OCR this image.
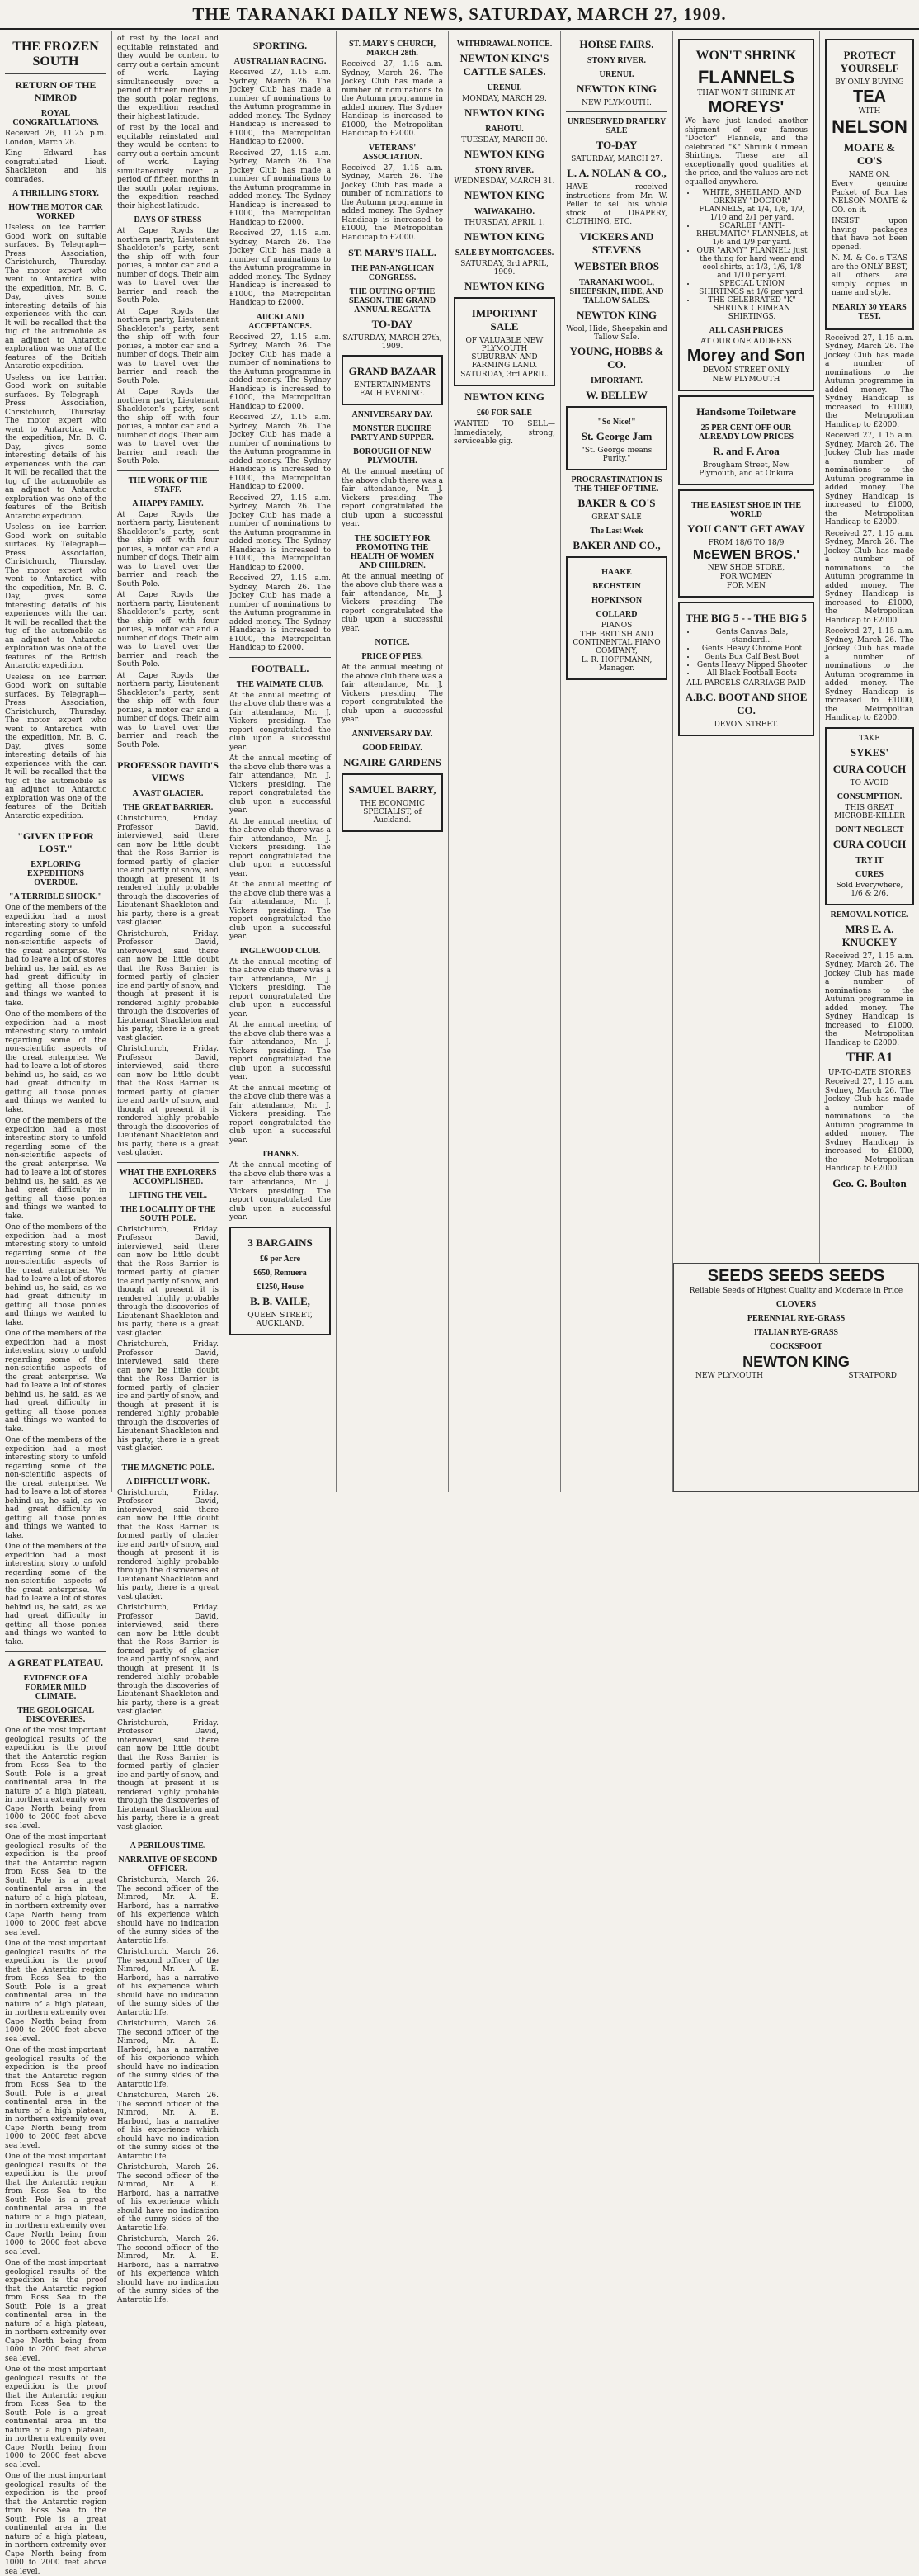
THE TARANAKI DAILY NEWS, SATURDAY, MARCH 27, 1909.
THE FROZEN SOUTH
RETURN OF THE NIMROD
ROYAL CONGRATULATIONS.

Received 26, 11.25 p.m. London, March 26.

King Edward has congratulated Lieut. Shackleton and his comrades.

A THRILLING STORY.
HOW THE MOTOR CAR WORKED

Useless on ice barrier. Good work on suitable surfaces. By Telegraph—Press Association, Christchurch, Thursday. The motor expert who went to Antarctica with the expedition, Mr. B. C. Day, gives some interesting details of his experiences with the car. It will be recalled that the tug of the automobile as an adjunct to Antarctic exploration was one of the features of the British Antarctic expedition.

Useless on ice barrier. Good work on suitable surfaces. By Telegraph—Press Association, Christchurch, Thursday. The motor expert who went to Antarctica with the expedition, Mr. B. C. Day, gives some interesting details of his experiences with the car. It will be recalled that the tug of the automobile as an adjunct to Antarctic exploration was one of the features of the British Antarctic expedition.

Useless on ice barrier. Good work on suitable surfaces. By Telegraph—Press Association, Christchurch, Thursday. The motor expert who went to Antarctica with the expedition, Mr. B. C. Day, gives some interesting details of his experiences with the car. It will be recalled that the tug of the automobile as an adjunct to Antarctic exploration was one of the features of the British Antarctic expedition.

Useless on ice barrier. Good work on suitable surfaces. By Telegraph—Press Association, Christchurch, Thursday. The motor expert who went to Antarctica with the expedition, Mr. B. C. Day, gives some interesting details of his experiences with the car. It will be recalled that the tug of the automobile as an adjunct to Antarctic exploration was one of the features of the British Antarctic expedition.

"GIVEN UP FOR LOST."
EXPLORING EXPEDITIONS OVERDUE.
"A TERRIBLE SHOCK."

One of the members of the expedition had a most interesting story to unfold regarding some of the non-scientific aspects of the great enterprise. We had to leave a lot of stores behind us, he said, as we had great difficulty in getting all those ponies and things we wanted to take.

One of the members of the expedition had a most interesting story to unfold regarding some of the non-scientific aspects of the great enterprise. We had to leave a lot of stores behind us, he said, as we had great difficulty in getting all those ponies and things we wanted to take.

One of the members of the expedition had a most interesting story to unfold regarding some of the non-scientific aspects of the great enterprise. We had to leave a lot of stores behind us, he said, as we had great difficulty in getting all those ponies and things we wanted to take.

One of the members of the expedition had a most interesting story to unfold regarding some of the non-scientific aspects of the great enterprise. We had to leave a lot of stores behind us, he said, as we had great difficulty in getting all those ponies and things we wanted to take.

One of the members of the expedition had a most interesting story to unfold regarding some of the non-scientific aspects of the great enterprise. We had to leave a lot of stores behind us, he said, as we had great difficulty in getting all those ponies and things we wanted to take.

One of the members of the expedition had a most interesting story to unfold regarding some of the non-scientific aspects of the great enterprise. We had to leave a lot of stores behind us, he said, as we had great difficulty in getting all those ponies and things we wanted to take.

One of the members of the expedition had a most interesting story to unfold regarding some of the non-scientific aspects of the great enterprise. We had to leave a lot of stores behind us, he said, as we had great difficulty in getting all those ponies and things we wanted to take.

A GREAT PLATEAU.
EVIDENCE OF A FORMER MILD CLIMATE.
THE GEOLOGICAL DISCOVERIES.

One of the most important geological results of the expedition is the proof that the Antarctic region from Ross Sea to the South Pole is a great continental area in the nature of a high plateau, in northern extremity over Cape North being from 1000 to 2000 feet above sea level.

One of the most important geological results of the expedition is the proof that the Antarctic region from Ross Sea to the South Pole is a great continental area in the nature of a high plateau, in northern extremity over Cape North being from 1000 to 2000 feet above sea level.

One of the most important geological results of the expedition is the proof that the Antarctic region from Ross Sea to the South Pole is a great continental area in the nature of a high plateau, in northern extremity over Cape North being from 1000 to 2000 feet above sea level.

One of the most important geological results of the expedition is the proof that the Antarctic region from Ross Sea to the South Pole is a great continental area in the nature of a high plateau, in northern extremity over Cape North being from 1000 to 2000 feet above sea level.

One of the most important geological results of the expedition is the proof that the Antarctic region from Ross Sea to the South Pole is a great continental area in the nature of a high plateau, in northern extremity over Cape North being from 1000 to 2000 feet above sea level.

One of the most important geological results of the expedition is the proof that the Antarctic region from Ross Sea to the South Pole is a great continental area in the nature of a high plateau, in northern extremity over Cape North being from 1000 to 2000 feet above sea level.

One of the most important geological results of the expedition is the proof that the Antarctic region from Ross Sea to the South Pole is a great continental area in the nature of a high plateau, in northern extremity over Cape North being from 1000 to 2000 feet above sea level.

One of the most important geological results of the expedition is the proof that the Antarctic region from Ross Sea to the South Pole is a great continental area in the nature of a high plateau, in northern extremity over Cape North being from 1000 to 2000 feet above sea level.

of rest by the local and equitable reinstated and they would be content to carry out a certain amount of work. Laying simultaneously over a period of fifteen months in the south polar regions, the expedition reached their highest latitude.

of rest by the local and equitable reinstated and they would be content to carry out a certain amount of work. Laying simultaneously over a period of fifteen months in the south polar regions, the expedition reached their highest latitude.

DAYS OF STRESS

At Cape Royds the northern party, Lieutenant Shackleton's party, sent the ship off with four ponies, a motor car and a number of dogs. Their aim was to travel over the barrier and reach the South Pole.

At Cape Royds the northern party, Lieutenant Shackleton's party, sent the ship off with four ponies, a motor car and a number of dogs. Their aim was to travel over the barrier and reach the South Pole.

At Cape Royds the northern party, Lieutenant Shackleton's party, sent the ship off with four ponies, a motor car and a number of dogs. Their aim was to travel over the barrier and reach the South Pole.

THE WORK OF THE STAFF.
A HAPPY FAMILY.

At Cape Royds the northern party, Lieutenant Shackleton's party, sent the ship off with four ponies, a motor car and a number of dogs. Their aim was to travel over the barrier and reach the South Pole.

At Cape Royds the northern party, Lieutenant Shackleton's party, sent the ship off with four ponies, a motor car and a number of dogs. Their aim was to travel over the barrier and reach the South Pole.

At Cape Royds the northern party, Lieutenant Shackleton's party, sent the ship off with four ponies, a motor car and a number of dogs. Their aim was to travel over the barrier and reach the South Pole.

PROFESSOR DAVID'S VIEWS
A VAST GLACIER.
THE GREAT BARRIER.

Christchurch, Friday. Professor David, interviewed, said there can now be little doubt that the Ross Barrier is formed partly of glacier ice and partly of snow, and though at present it is rendered highly probable through the discoveries of Lieutenant Shackleton and his party, there is a great vast glacier.

Christchurch, Friday. Professor David, interviewed, said there can now be little doubt that the Ross Barrier is formed partly of glacier ice and partly of snow, and though at present it is rendered highly probable through the discoveries of Lieutenant Shackleton and his party, there is a great vast glacier.

Christchurch, Friday. Professor David, interviewed, said there can now be little doubt that the Ross Barrier is formed partly of glacier ice and partly of snow, and though at present it is rendered highly probable through the discoveries of Lieutenant Shackleton and his party, there is a great vast glacier.

WHAT THE EXPLORERS ACCOMPLISHED.
LIFTING THE VEIL.
THE LOCALITY OF THE SOUTH POLE.

Christchurch, Friday. Professor David, interviewed, said there can now be little doubt that the Ross Barrier is formed partly of glacier ice and partly of snow, and though at present it is rendered highly probable through the discoveries of Lieutenant Shackleton and his party, there is a great vast glacier.

Christchurch, Friday. Professor David, interviewed, said there can now be little doubt that the Ross Barrier is formed partly of glacier ice and partly of snow, and though at present it is rendered highly probable through the discoveries of Lieutenant Shackleton and his party, there is a great vast glacier.

THE MAGNETIC POLE.
A DIFFICULT WORK.

Christchurch, Friday. Professor David, interviewed, said there can now be little doubt that the Ross Barrier is formed partly of glacier ice and partly of snow, and though at present it is rendered highly probable through the discoveries of Lieutenant Shackleton and his party, there is a great vast glacier.

Christchurch, Friday. Professor David, interviewed, said there can now be little doubt that the Ross Barrier is formed partly of glacier ice and partly of snow, and though at present it is rendered highly probable through the discoveries of Lieutenant Shackleton and his party, there is a great vast glacier.

Christchurch, Friday. Professor David, interviewed, said there can now be little doubt that the Ross Barrier is formed partly of glacier ice and partly of snow, and though at present it is rendered highly probable through the discoveries of Lieutenant Shackleton and his party, there is a great vast glacier.

A PERILOUS TIME.
NARRATIVE OF SECOND OFFICER.

Christchurch, March 26. The second officer of the Nimrod, Mr. A. E. Harbord, has a narrative of his experience which should have no indication of the sunny sides of the Antarctic life.

Christchurch, March 26. The second officer of the Nimrod, Mr. A. E. Harbord, has a narrative of his experience which should have no indication of the sunny sides of the Antarctic life.

Christchurch, March 26. The second officer of the Nimrod, Mr. A. E. Harbord, has a narrative of his experience which should have no indication of the sunny sides of the Antarctic life.

Christchurch, March 26. The second officer of the Nimrod, Mr. A. E. Harbord, has a narrative of his experience which should have no indication of the sunny sides of the Antarctic life.

Christchurch, March 26. The second officer of the Nimrod, Mr. A. E. Harbord, has a narrative of his experience which should have no indication of the sunny sides of the Antarctic life.

Christchurch, March 26. The second officer of the Nimrod, Mr. A. E. Harbord, has a narrative of his experience which should have no indication of the sunny sides of the Antarctic life.

SPORTING.
AUSTRALIAN RACING.

Received 27, 1.15 a.m. Sydney, March 26. The Jockey Club has made a number of nominations to the Autumn programme in added money. The Sydney Handicap is increased to £1000, the Metropolitan Handicap to £2000.

Received 27, 1.15 a.m. Sydney, March 26. The Jockey Club has made a number of nominations to the Autumn programme in added money. The Sydney Handicap is increased to £1000, the Metropolitan Handicap to £2000.

Received 27, 1.15 a.m. Sydney, March 26. The Jockey Club has made a number of nominations to the Autumn programme in added money. The Sydney Handicap is increased to £1000, the Metropolitan Handicap to £2000.

AUCKLAND ACCEPTANCES.

Received 27, 1.15 a.m. Sydney, March 26. The Jockey Club has made a number of nominations to the Autumn programme in added money. The Sydney Handicap is increased to £1000, the Metropolitan Handicap to £2000.

Received 27, 1.15 a.m. Sydney, March 26. The Jockey Club has made a number of nominations to the Autumn programme in added money. The Sydney Handicap is increased to £1000, the Metropolitan Handicap to £2000.

Received 27, 1.15 a.m. Sydney, March 26. The Jockey Club has made a number of nominations to the Autumn programme in added money. The Sydney Handicap is increased to £1000, the Metropolitan Handicap to £2000.

Received 27, 1.15 a.m. Sydney, March 26. The Jockey Club has made a number of nominations to the Autumn programme in added money. The Sydney Handicap is increased to £1000, the Metropolitan Handicap to £2000.

FOOTBALL.
THE WAIMATE CLUB.

At the annual meeting of the above club there was a fair attendance, Mr. J. Vickers presiding. The report congratulated the club upon a successful year.

At the annual meeting of the above club there was a fair attendance, Mr. J. Vickers presiding. The report congratulated the club upon a successful year.

At the annual meeting of the above club there was a fair attendance, Mr. J. Vickers presiding. The report congratulated the club upon a successful year.

At the annual meeting of the above club there was a fair attendance, Mr. J. Vickers presiding. The report congratulated the club upon a successful year.

INGLEWOOD CLUB.

At the annual meeting of the above club there was a fair attendance, Mr. J. Vickers presiding. The report congratulated the club upon a successful year.

At the annual meeting of the above club there was a fair attendance, Mr. J. Vickers presiding. The report congratulated the club upon a successful year.

At the annual meeting of the above club there was a fair attendance, Mr. J. Vickers presiding. The report congratulated the club upon a successful year.

THANKS.

At the annual meeting of the above club there was a fair attendance, Mr. J. Vickers presiding. The report congratulated the club upon a successful year.

3 BARGAINS
£6 per Acre
£650, Remuera
£1250, House
B. B. VAILE,
QUEEN STREET, AUCKLAND.
ST. MARY'S CHURCH, MARCH 28th.

Received 27, 1.15 a.m. Sydney, March 26. The Jockey Club has made a number of nominations to the Autumn programme in added money. The Sydney Handicap is increased to £1000, the Metropolitan Handicap to £2000.

VETERANS' ASSOCIATION.

Received 27, 1.15 a.m. Sydney, March 26. The Jockey Club has made a number of nominations to the Autumn programme in added money. The Sydney Handicap is increased to £1000, the Metropolitan Handicap to £2000.

ST. MARY'S HALL.
THE PAN-ANGLICAN CONGRESS.
THE OUTING OF THE SEASON. THE GRAND ANNUAL REGATTA
TO-DAY
SATURDAY, MARCH 27th, 1909.
GRAND BAZAAR
ENTERTAINMENTS EACH EVENING.
ANNIVERSARY DAY.
MONSTER EUCHRE PARTY AND SUPPER.
BOROUGH OF NEW PLYMOUTH.

At the annual meeting of the above club there was a fair attendance, Mr. J. Vickers presiding. The report congratulated the club upon a successful year.

THE SOCIETY FOR PROMOTING THE HEALTH OF WOMEN AND CHILDREN.

At the annual meeting of the above club there was a fair attendance, Mr. J. Vickers presiding. The report congratulated the club upon a successful year.

NOTICE.
PRICE OF PIES.

At the annual meeting of the above club there was a fair attendance, Mr. J. Vickers presiding. The report congratulated the club upon a successful year.

ANNIVERSARY DAY.
GOOD FRIDAY.
NGAIRE GARDENS
SAMUEL BARRY,
THE ECONOMIC SPECIALIST, of Auckland.
WITHDRAWAL NOTICE.
NEWTON KING'S CATTLE SALES.
URENUI.
MONDAY, MARCH 29.
NEWTON KING
RAHOTU.
TUESDAY, MARCH 30.
NEWTON KING
STONY RIVER.
WEDNESDAY, MARCH 31.
NEWTON KING
WAIWAKAIHO.
THURSDAY, APRIL 1.
NEWTON KING
SALE BY MORTGAGEES.
SATURDAY, 3rd APRIL, 1909.
NEWTON KING
IMPORTANT SALE
OF VALUABLE NEW PLYMOUTH SUBURBAN AND FARMING LAND.
SATURDAY, 3rd APRIL.
NEWTON KING
£60 FOR SALE

WANTED TO SELL—Immediately, strong, serviceable gig.

HORSE FAIRS.
STONY RIVER.
URENUI.
NEWTON KING
NEW PLYMOUTH.
UNRESERVED DRAPERY SALE
TO-DAY
SATURDAY, MARCH 27.
L. A. NOLAN & CO.,

HAVE received instructions from Mr. W. Peller to sell his whole stock of DRAPERY, CLOTHING, ETC.

VICKERS AND STEVENS
WEBSTER BROS
TARANAKI WOOL, SHEEPSKIN, HIDE, AND TALLOW SALES.
NEWTON KING
Wool, Hide, Sheepskin and Tallow Sale.
YOUNG, HOBBS & CO.
IMPORTANT.
W. BELLEW
"So Nice!"
St. George Jam
"St. George means Purity."
PROCRASTINATION IS THE THIEF OF TIME.
BAKER & CO'S
GREAT SALE
The Last Week
BAKER AND CO.,
HAAKE
BECHSTEIN
HOPKINSON
COLLARD
PIANOS
THE BRITISH AND CONTINENTAL PIANO COMPANY,
L. R. HOFFMANN, Manager.
WON'T SHRINK
FLANNELS
THAT WON'T SHRINK AT
MOREYS'

We have just landed another shipment of our famous "Doctor" Flannels, and the celebrated "K" Shrunk Crimean Shirtings. These are all exceptionally good qualities at the price, and the values are not equalled anywhere.

• WHITE, SHETLAND, AND ORKNEY "DOCTOR" FLANNELS, at 1/4, 1/6, 1/9, 1/10 and 2/1 per yard.
• SCARLET "ANTI-RHEUMATIC" FLANNELS, at 1/6 and 1/9 per yard.
• OUR "ARMY" FLANNEL; just the thing for hard wear and cool shirts, at 1/3, 1/6, 1/8 and 1/10 per yard.
• SPECIAL UNION SHIRTINGS at 1/6 per yard.
• THE CELEBRATED "K" SHRUNK CRIMEAN SHIRTINGS.
ALL CASH PRICES
AT OUR ONE ADDRESS
Morey and Son
DEVON STREET ONLY
NEW PLYMOUTH
Handsome Toiletware
25 PER CENT OFF OUR ALREADY LOW PRICES
R. and F. Aroa
Brougham Street, New Plymouth, and at Onkura
THE EASIEST SHOE IN THE WORLD
YOU CAN'T GET AWAY
FROM 18/6 TO 18/9
McEWEN BROS.'
NEW SHOE STORE,
FOR WOMEN
FOR MEN
THE BIG 5 - - THE BIG 5
• Gents Canvas Bals, standard...
• Gents Heavy Chrome Boot
• Gents Box Calf Best Boot
• Gents Heavy Nipped Shooter
• All Black Football Boots
ALL PARCELS CARRIAGE PAID
A.B.C. BOOT AND SHOE CO.
DEVON STREET.
PROTECT YOURSELF
BY ONLY BUYING
TEA
WITH
NELSON
MOATE & CO'S
NAME ON.

Every genuine Packet of Box has NELSON MOATE & CO. on it.

INSIST upon having packages that have not been opened.

N. M. & Co.'s TEAS are the ONLY BEST, all others are simply copies in name and style.

NEARLY 30 YEARS TEST.

Received 27, 1.15 a.m. Sydney, March 26. The Jockey Club has made a number of nominations to the Autumn programme in added money. The Sydney Handicap is increased to £1000, the Metropolitan Handicap to £2000.

Received 27, 1.15 a.m. Sydney, March 26. The Jockey Club has made a number of nominations to the Autumn programme in added money. The Sydney Handicap is increased to £1000, the Metropolitan Handicap to £2000.

Received 27, 1.15 a.m. Sydney, March 26. The Jockey Club has made a number of nominations to the Autumn programme in added money. The Sydney Handicap is increased to £1000, the Metropolitan Handicap to £2000.

Received 27, 1.15 a.m. Sydney, March 26. The Jockey Club has made a number of nominations to the Autumn programme in added money. The Sydney Handicap is increased to £1000, the Metropolitan Handicap to £2000.

TAKE
SYKES'
CURA COUCH
TO AVOID
CONSUMPTION.
THIS GREAT MICROBE-KILLER
DON'T NEGLECT
CURA COUCH
TRY IT
CURES
Sold Everywhere, 1/6 & 2/6.
REMOVAL NOTICE.
MRS E. A. KNUCKEY

Received 27, 1.15 a.m. Sydney, March 26. The Jockey Club has made a number of nominations to the Autumn programme in added money. The Sydney Handicap is increased to £1000, the Metropolitan Handicap to £2000.

THE A1
UP-TO-DATE STORES

Received 27, 1.15 a.m. Sydney, March 26. The Jockey Club has made a number of nominations to the Autumn programme in added money. The Sydney Handicap is increased to £1000, the Metropolitan Handicap to £2000.

Geo. G. Boulton
SEEDS SEEDS SEEDS
Reliable Seeds of Highest Quality and Moderate in Price
CLOVERS
PERENNIAL RYE-GRASS
ITALIAN RYE-GRASS
COCKSFOOT
NEWTON KING
NEW PLYMOUTH	STRATFORD
